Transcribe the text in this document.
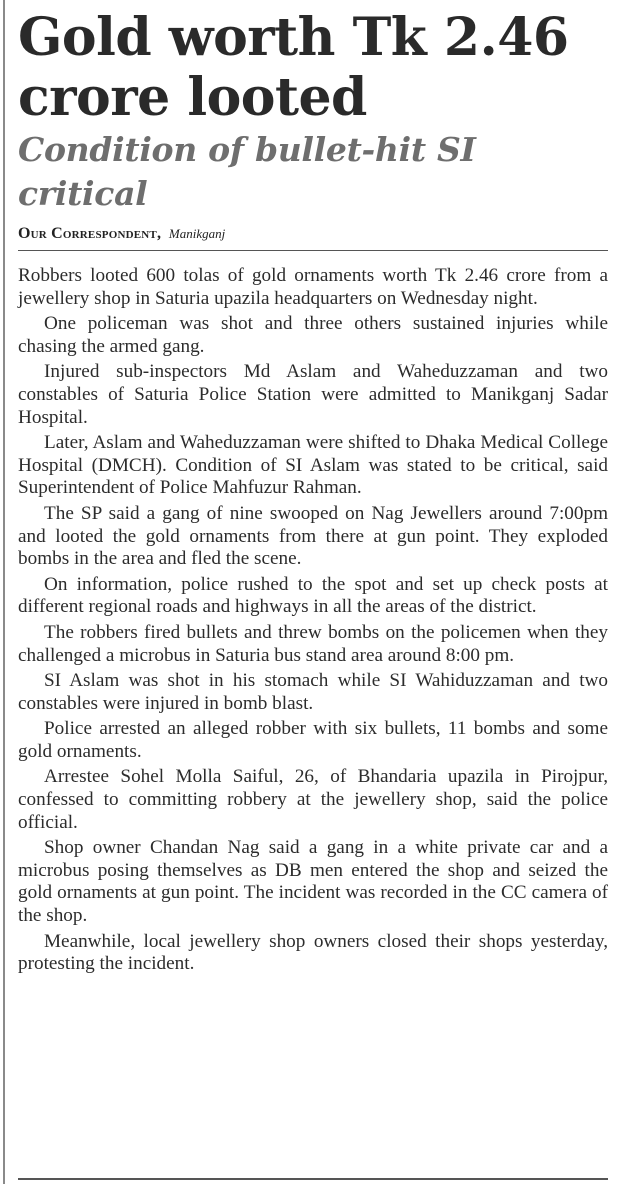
Gold worth Tk 2.46 crore looted
Condition of bullet-hit SI critical
Our Correspondent, Manikganj

Robbers looted 600 tolas of gold ornaments worth Tk 2.46 crore from a jewellery shop in Saturia upazila headquarters on Wednesday night.

One policeman was shot and three others sustained injuries while chasing the armed gang.

Injured sub-inspectors Md Aslam and Waheduzzaman and two constables of Saturia Police Station were admitted to Manikganj Sadar Hospital.

Later, Aslam and Waheduzzaman were shifted to Dhaka Medical College Hospital (DMCH). Condition of SI Aslam was stated to be critical, said Superintendent of Police Mahfuzur Rahman.

The SP said a gang of nine swooped on Nag Jewellers around 7:00pm and looted the gold ornaments from there at gun point. They exploded bombs in the area and fled the scene.

On information, police rushed to the spot and set up check posts at different regional roads and highways in all the areas of the district.

The robbers fired bullets and threw bombs on the policemen when they challenged a microbus in Saturia bus stand area around 8:00 pm.

SI Aslam was shot in his stomach while SI Wahiduzzaman and two constables were injured in bomb blast.

Police arrested an alleged robber with six bullets, 11 bombs and some gold ornaments.

Arrestee Sohel Molla Saiful, 26, of Bhandaria upazila in Pirojpur, confessed to committing robbery at the jewellery shop, said the police official.

Shop owner Chandan Nag said a gang in a white private car and a microbus posing themselves as DB men entered the shop and seized the gold ornaments at gun point. The incident was recorded in the CC camera of the shop.

Meanwhile, local jewellery shop owners closed their shops yesterday, protesting the incident.
